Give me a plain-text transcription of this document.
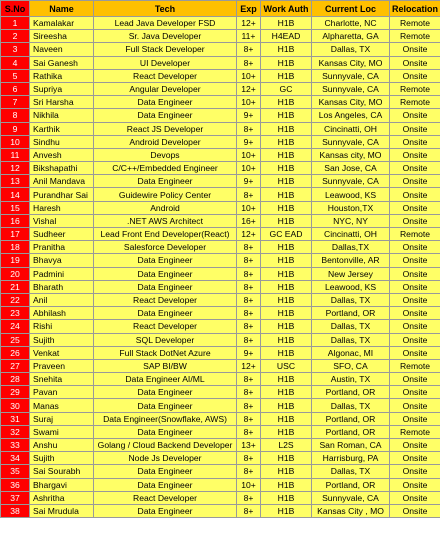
S.No	Name	Tech	Exp	Work Auth	Current Loc	Relocation
1	Kamalakar	Lead Java Developer FSD	12+	H1B	Charlotte, NC	Remote
2	Sireesha	Sr. Java Developer	11+	H4EAD	Alpharetta, GA	Remote
3	Naveen	Full Stack Developer	8+	H1B	Dallas, TX	Onsite
4	Sai Ganesh	UI Developer	8+	H1B	Kansas City, MO	Onsite
5	Rathika	React Developer	10+	H1B	Sunnyvale, CA	Onsite
6	Supriya	Angular Developer	12+	GC	Sunnyvale, CA	Remote
7	Sri Harsha	Data Engineer	10+	H1B	Kansas City, MO	Remote
8	Nikhila	Data Engineer	9+	H1B	Los Angeles, CA	Onsite
9	Karthik	React JS Developer	8+	H1B	Cincinatti, OH	Onsite
10	Sindhu	Android Developer	9+	H1B	Sunnyvale, CA	Onsite
11	Anvesh	Devops	10+	H1B	Kansas city, MO	Onsite
12	Bikshapathi	C/C++/Embedded Engineer	10+	H1B	San Jose, CA	Onsite
13	Anil Mandava	Data Engineer	9+	H1B	Sunnyvale, CA	Onsite
14	Purandhar Sai	Guidewire Policy Center	8+	H1B	Leawood, KS	Onsite
15	Haresh	Android	10+	H1B	Houston,TX	Onsite
16	Vishal	.NET AWS Architect	16+	H1B	NYC, NY	Onsite
17	Sudheer	Lead Front End Developer(React)	12+	GC EAD	Cincinatti, OH	Remote
18	Pranitha	Salesforce Developer	8+	H1B	Dallas,TX	Onsite
19	Bhavya	Data Engineer	8+	H1B	Bentonville, AR	Onsite
20	Padmini	Data Engineer	8+	H1B	New Jersey	Onsite
21	Bharath	Data Engineer	8+	H1B	Leawood, KS	Onsite
22	Anil	React Developer	8+	H1B	Dallas, TX	Onsite
23	Abhilash	Data Engineer	8+	H1B	Portland, OR	Onsite
24	Rishi	React Developer	8+	H1B	Dallas, TX	Onsite
25	Sujith	SQL Developer	8+	H1B	Dallas, TX	Onsite
26	Venkat	Full Stack DotNet Azure	9+	H1B	Algonac, MI	Onsite
27	Praveen	SAP BI/BW	12+	USC	SFO, CA	Remote
28	Snehita	Data Engineer AI/ML	8+	H1B	Austin, TX	Onsite
29	Pavan	Data Engineer	8+	H1B	Portland, OR	Onsite
30	Manas	Data Engineer	8+	H1B	Dallas, TX	Onsite
31	Suraj	Data Engineer(Snowflake, AWS)	8+	H1B	Portland, OR	Onsite
32	Swami	Data Engineer	8+	H1B	Portland, OR	Remote
33	Anshu	Golang / Cloud Backend Developer	13+	L2S	San Roman, CA	Onsite
34	Sujith	Node Js Developer	8+	H1B	Harrisburg, PA	Onsite
35	Sai Sourabh	Data Engineer	8+	H1B	Dallas, TX	Onsite
36	Bhargavi	Data Engineer	10+	H1B	Portland, OR	Onsite
37	Ashritha	React Developer	8+	H1B	Sunnyvale, CA	Onsite
38	Sai Mrudula	Data Engineer	8+	H1B	Kansas City , MO	Onsite
